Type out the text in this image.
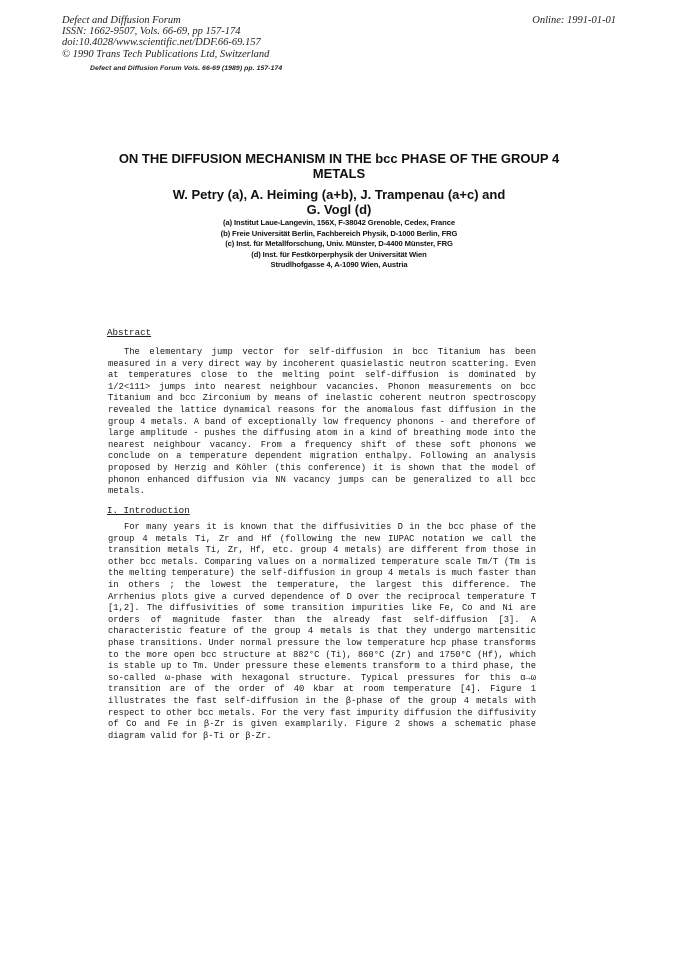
Defect and Diffusion Forum
ISSN: 1662-9507, Vols. 66-69, pp 157-174
doi:10.4028/www.scientific.net/DDF.66-69.157
© 1990 Trans Tech Publications Ltd, Switzerland
Online: 1991-01-01
Defect and Diffusion Forum Vols. 66-69 (1989) pp. 157-174
ON THE DIFFUSION MECHANISM IN THE bcc PHASE OF THE GROUP 4 METALS
W. Petry (a), A. Heiming (a+b), J. Trampenau (a+c) and
G. Vogl (d)
(a) Institut Laue-Langevin, 156X, F-38042 Grenoble, Cedex, France
(b) Freie Universität Berlin, Fachbereich Physik, D-1000 Berlin, FRG
(c) Inst. für Metallforschung, Univ. Münster, D-4400 Münster, FRG
(d) Inst. für Festkörperphysik der Universität Wien
Strudlhofgasse 4, A-1090 Wien, Austria
Abstract
The elementary jump vector for self-diffusion in bcc Titanium has been measured in a very direct way by incoherent quasielastic neutron scattering. Even at temperatures close to the melting point self-diffusion is dominated by 1/2<111> jumps into nearest neighbour vacancies. Phonon measurements on bcc Titanium and bcc Zirconium by means of inelastic coherent neutron spectroscopy revealed the lattice dynamical reasons for the anomalous fast diffusion in the group 4 metals. A band of exceptionally low frequency phonons - and therefore of large amplitude - pushes the diffusing atom in a kind of breathing mode into the nearest neighbour vacancy. From a frequency shift of these soft phonons we conclude on a temperature dependent migration enthalpy. Following an analysis proposed by Herzig and Köhler (this conference) it is shown that the model of phonon enhanced diffusion via NN vacancy jumps can be generalized to all bcc metals.
I. Introduction
For many years it is known that the diffusivities D in the bcc phase of the group 4 metals Ti, Zr and Hf (following the new IUPAC notation we call the transition metals Ti, Zr, Hf, etc. group 4 metals) are different from those in other bcc metals. Comparing values on a normalized temperature scale Tm/T (Tm is the melting temperature) the self-diffusion in group 4 metals is much faster than in others ; the lowest the temperature, the largest this difference. The Arrhenius plots give a curved dependence of D over the reciprocal temperature T [1,2]. The diffusivities of some transition impurities like Fe, Co and Ni are orders of magnitude faster than the already fast self-diffusion [3]. A characteristic feature of the group 4 metals is that they undergo martensitic phase transitions. Under normal pressure the low temperature hcp phase transforms to the more open bcc structure at 882°C (Ti), 860°C (Zr) and 1750°C (Hf), which is stable up to Tm. Under pressure these elements transform to a third phase, the so-called ω-phase with hexagonal structure. Typical pressures for this α→ω transition are of the order of 40 kbar at room temperature [4]. Figure 1 illustrates the fast self-diffusion in the β-phase of the group 4 metals with respect to other bcc metals. For the very fast impurity diffusion the diffusivity of Co and Fe in β-Zr is given examplarily. Figure 2 shows a schematic phase diagram valid for β-Ti or β-Zr.
